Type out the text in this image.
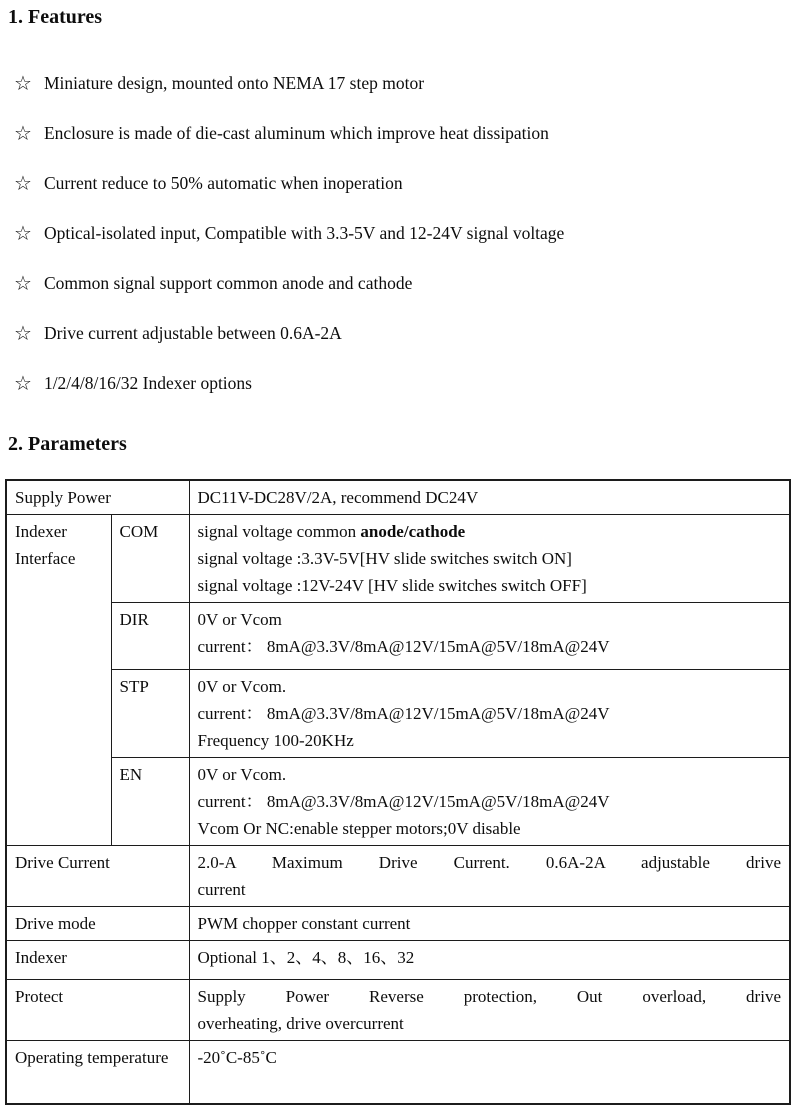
1. Features
☆ Miniature design, mounted onto NEMA 17 step motor
☆ Enclosure is made of die-cast aluminum which improve heat dissipation
☆ Current reduce to 50% automatic when inoperation
☆ Optical-isolated input, Compatible with 3.3-5V and 12-24V signal voltage
☆ Common signal support common anode and cathode
☆ Drive current adjustable between 0.6A-2A
☆ 1/2/4/8/16/32 Indexer options
2. Parameters
Supply Power		DC11V-DC28V/2A, recommend DC24V
Indexer Interface	COM	signal voltage common anode/cathode
signal voltage :3.3V-5V[HV slide switches switch ON]
signal voltage :12V-24V [HV slide switches switch OFF]

	DIR	0V or Vcom
current： 8mA@3.3V/8mA@12V/15mA@5V/18mA@24V

	STP	0V or Vcom.
current： 8mA@3.3V/8mA@12V/15mA@5V/18mA@24V
Frequency 100-20KHz

	EN	0V or Vcom.
current： 8mA@3.3V/8mA@12V/15mA@5V/18mA@24V
Vcom Or NC:enable stepper motors;0V disable

Drive Current		2.0-A Maximum Drive Current. 0.6A-2A adjustable drive
current

Drive mode		PWM chopper constant current
Indexer		Optional 1、2、4、8、16、32
Protect		Supply Power Reverse protection, Out overload, drive
overheating, drive overcurrent

Operating temperature		-20˚C-85˚C
